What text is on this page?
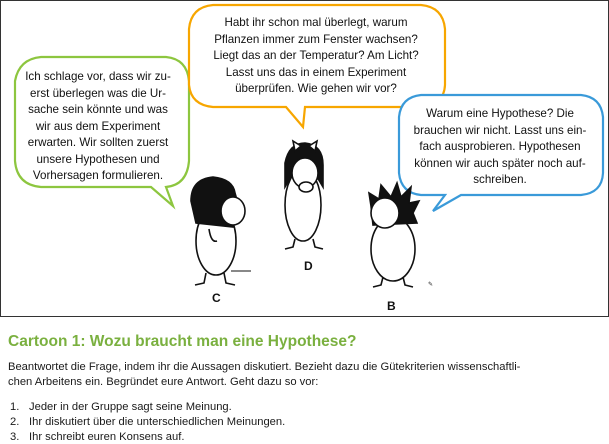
Ich schlage vor, dass wir zu-
erst überlegen was die Ur-
sache sein könnte und was
wir aus dem Experiment
erwarten. Wir sollten zuerst
unsere Hypothesen und
Vorhersagen formulieren.
Habt ihr schon mal überlegt, warum
Pflanzen immer zum Fenster wachsen?
Liegt das an der Temperatur? Am Licht?
Lasst uns das in einem Experiment
überprüfen. Wie gehen wir vor?
Warum eine Hypothese? Die
brauchen wir nicht. Lasst uns ein-
fach ausprobieren. Hypothesen
können wir auch später noch auf-
schreiben.
C
D
B
✎
Cartoon 1: Wozu braucht man eine Hypothese?
Beantwortet die Frage, indem ihr die Aussagen diskutiert. Bezieht dazu die Gütekriterien wissenschaftli-
chen Arbeitens ein. Begründet eure Antwort. Geht dazu so vor:
1. Jeder in der Gruppe sagt seine Meinung.
2. Ihr diskutiert über die unterschiedlichen Meinungen.
3. Ihr schreibt euren Konsens auf.
